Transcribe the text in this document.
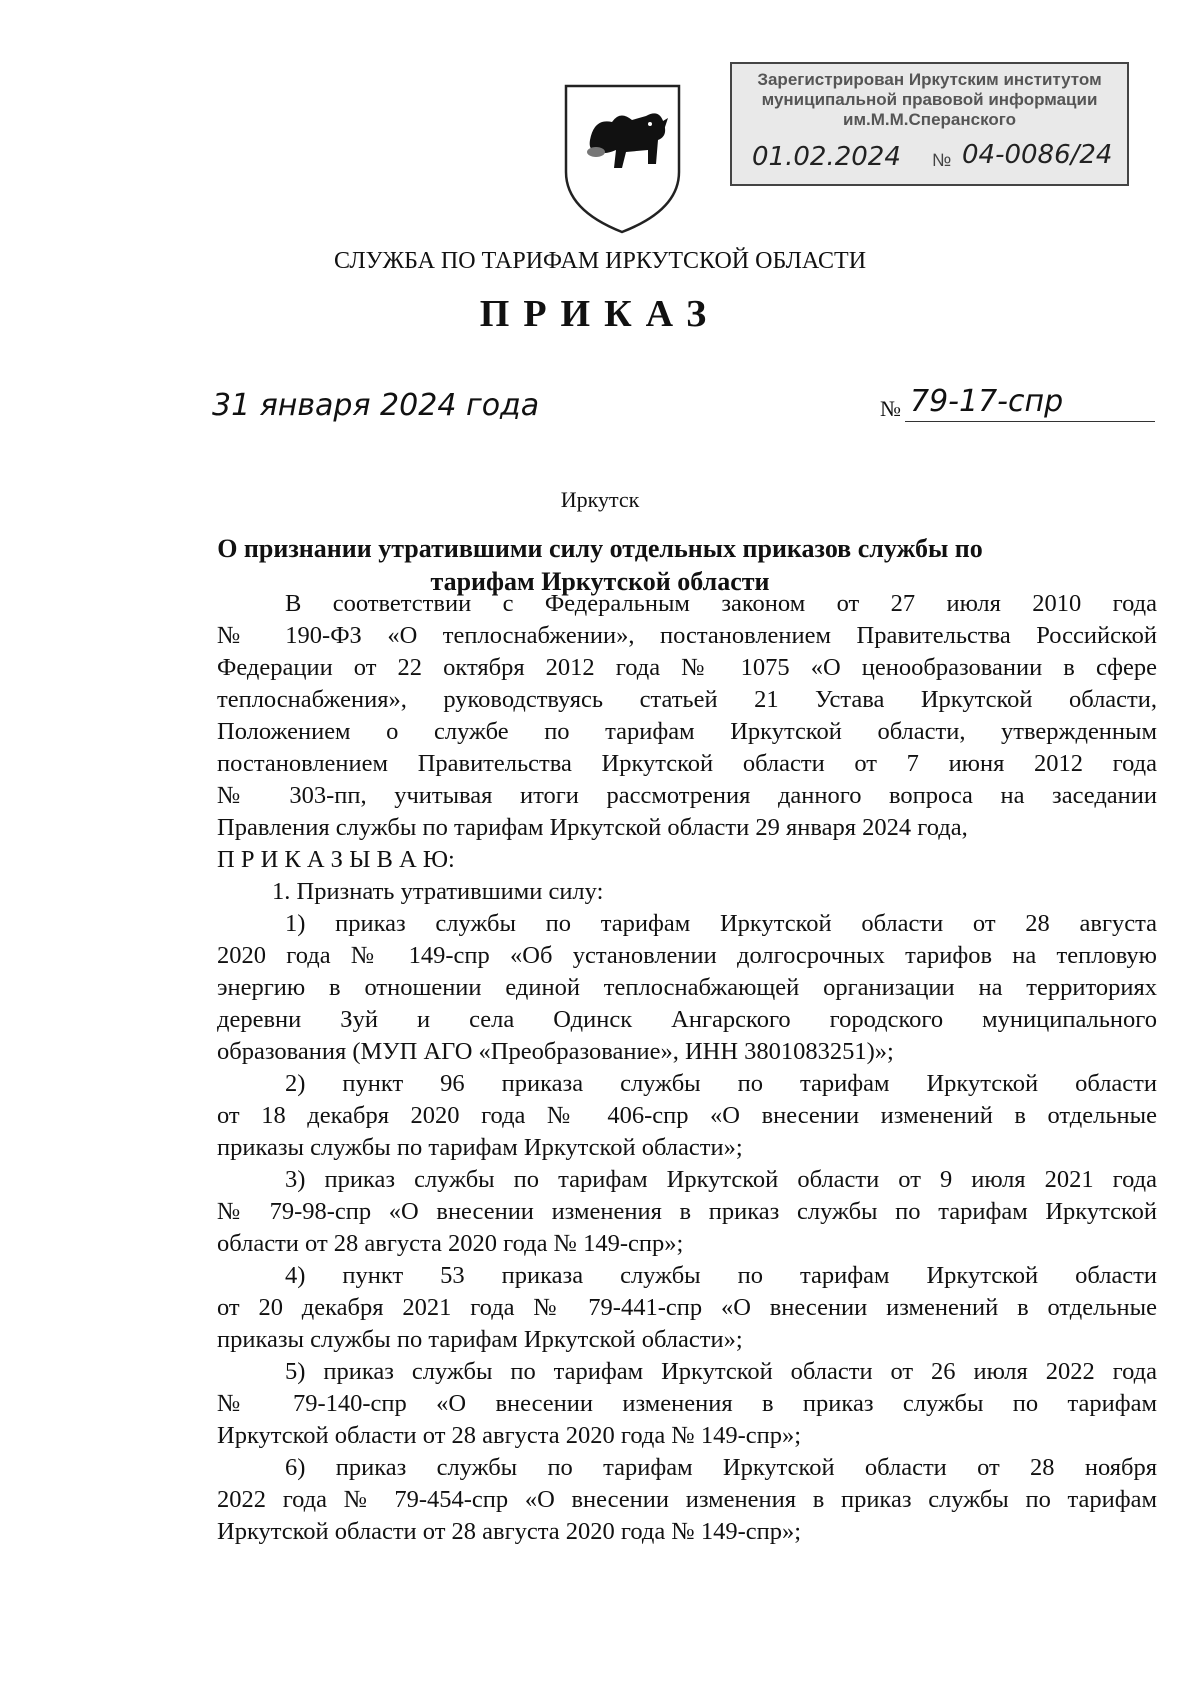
Зарегистрирован Иркутским институтом
муниципальной правовой информации
им.М.М.Сперанского
01.02.2024 № 04-0086/24
СЛУЖБА ПО ТАРИФАМ ИРКУТСКОЙ ОБЛАСТИ
ПРИКАЗ
31 января 2024 года	№ 79-17-спр
Иркутск
О признании утратившими силу отдельных приказов службы по
тарифам Иркутской области
В соответствии с Федеральным законом от 27 июля 2010 года
№ 190-ФЗ «О теплоснабжении», постановлением Правительства Российской
Федерации от 22 октября 2012 года № 1075 «О ценообразовании в сфере
теплоснабжения», руководствуясь статьей 21 Устава Иркутской области,
Положением о службе по тарифам Иркутской области, утвержденным
постановлением Правительства Иркутской области от 7 июня 2012 года
№ 303-пп, учитывая итоги рассмотрения данного вопроса на заседании
Правления службы по тарифам Иркутской области 29 января 2024 года,
П Р И К А З Ы В А Ю:
1. Признать утратившими силу:
1) приказ службы по тарифам Иркутской области от 28 августа
2020 года № 149-спр «Об установлении долгосрочных тарифов на тепловую
энергию в отношении единой теплоснабжающей организации на территориях
деревни Зуй и села Одинск Ангарского городского муниципального
образования (МУП АГО «Преобразование», ИНН 3801083251)»;
2) пункт 96 приказа службы по тарифам Иркутской области
от 18 декабря 2020 года № 406-спр «О внесении изменений в отдельные
приказы службы по тарифам Иркутской области»;
3) приказ службы по тарифам Иркутской области от 9 июля 2021 года
№ 79-98-спр «О внесении изменения в приказ службы по тарифам Иркутской
области от 28 августа 2020 года № 149-спр»;
4) пункт 53 приказа службы по тарифам Иркутской области
от 20 декабря 2021 года № 79-441-спр «О внесении изменений в отдельные
приказы службы по тарифам Иркутской области»;
5) приказ службы по тарифам Иркутской области от 26 июля 2022 года
№ 79-140-спр «О внесении изменения в приказ службы по тарифам
Иркутской области от 28 августа 2020 года № 149-спр»;
6) приказ службы по тарифам Иркутской области от 28 ноября
2022 года № 79-454-спр «О внесении изменения в приказ службы по тарифам
Иркутской области от 28 августа 2020 года № 149-спр»;
